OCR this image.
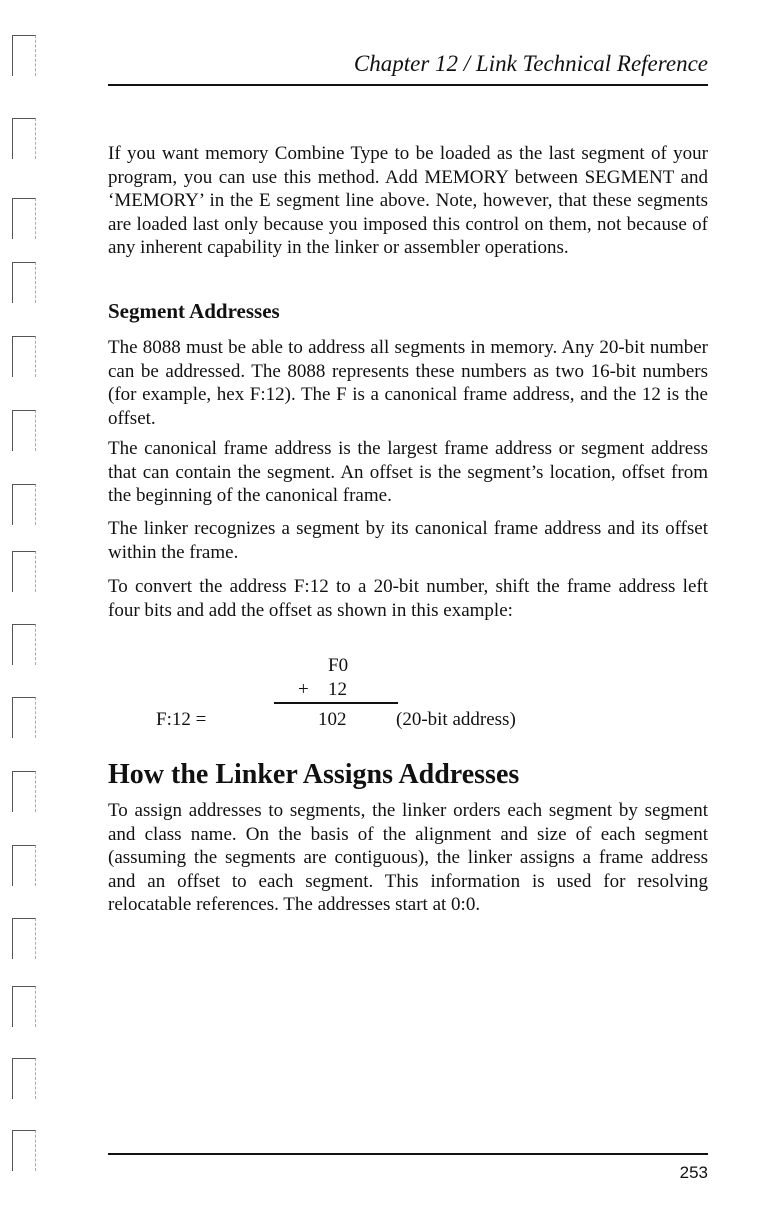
Chapter 12 / Link Technical Reference

If you want memory Combine Type to be loaded as the last segment of your program, you can use this method. Add MEMORY between SEGMENT and ‘MEMORY’ in the E segment line above. Note, however, that these segments are loaded last only because you imposed this control on them, not because of any inherent capability in the linker or assembler operations.

Segment Addresses

The 8088 must be able to address all segments in memory. Any 20-bit number can be addressed. The 8088 represents these numbers as two 16-bit numbers (for example, hex F:12). The F is a canonical frame address, and the 12 is the offset.

The canonical frame address is the largest frame address or segment address that can contain the segment. An offset is the segment’s location, offset from the beginning of the canonical frame.

The linker recognizes a segment by its canonical frame address and its offset within the frame.

To convert the address F:12 to a 20-bit number, shift the frame address left four bits and add the offset as shown in this example:

F0
+ 12
F:12 =	102	(20-bit address)
How the Linker Assigns Addresses

To assign addresses to segments, the linker orders each segment by segment and class name. On the basis of the alignment and size of each segment (assuming the segments are contiguous), the linker assigns a frame address and an offset to each segment. This information is used for resolving relocatable references. The addresses start at 0:0.

253
